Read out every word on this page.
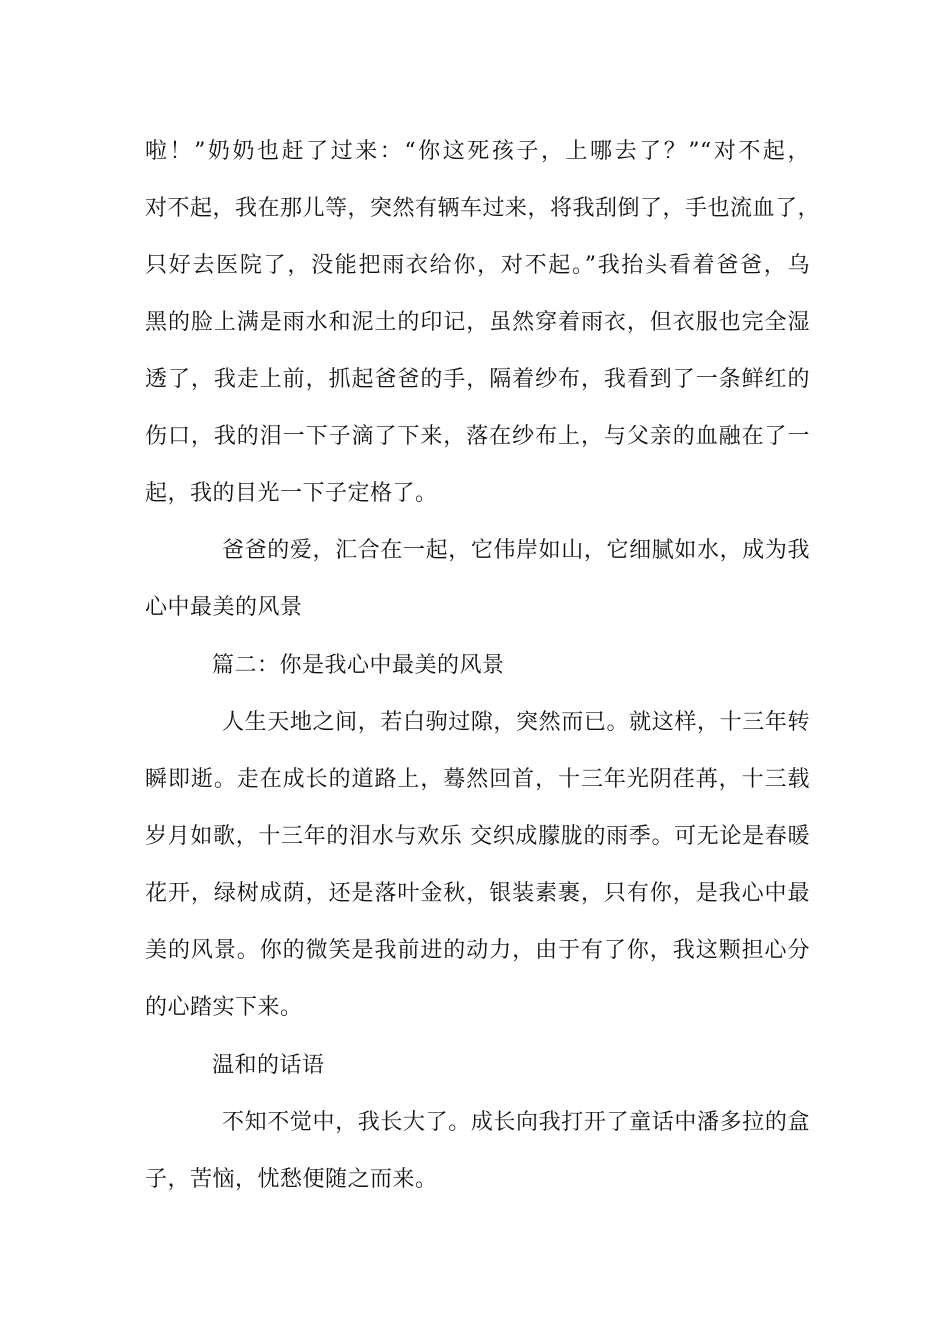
啦！”奶奶也赶了过来：“你这死孩子，上哪去了？”“对不起，
对不起，我在那儿等，突然有辆车过来，将我刮倒了，手也流血了，
只好去医院了，没能把雨衣给你，对不起。”我抬头看着爸爸，乌
黑的脸上满是雨水和泥土的印记，虽然穿着雨衣，但衣服也完全湿
透了，我走上前，抓起爸爸的手，隔着纱布，我看到了一条鲜红的
伤口，我的泪一下子滴了下来，落在纱布上，与父亲的血融在了一
起，我的目光一下子定格了。
爸爸的爱，汇合在一起，它伟岸如山，它细腻如水，成为我
心中最美的风景
篇二：你是我心中最美的风景
人生天地之间，若白驹过隙，突然而已。就这样，十三年转
瞬即逝。走在成长的道路上，蓦然回首，十三年光阴荏苒，十三载
岁月如歌，十三年的泪水与欢乐 交织成朦胧的雨季。可无论是春暖
花开，绿树成荫，还是落叶金秋，银装素裹，只有你，是我心中最
美的风景。你的微笑是我前进的动力，由于有了你，我这颗担心分
的心踏实下来。
温和的话语
不知不觉中，我长大了。成长向我打开了童话中潘多拉的盒
子，苦恼，忧愁便随之而来。
